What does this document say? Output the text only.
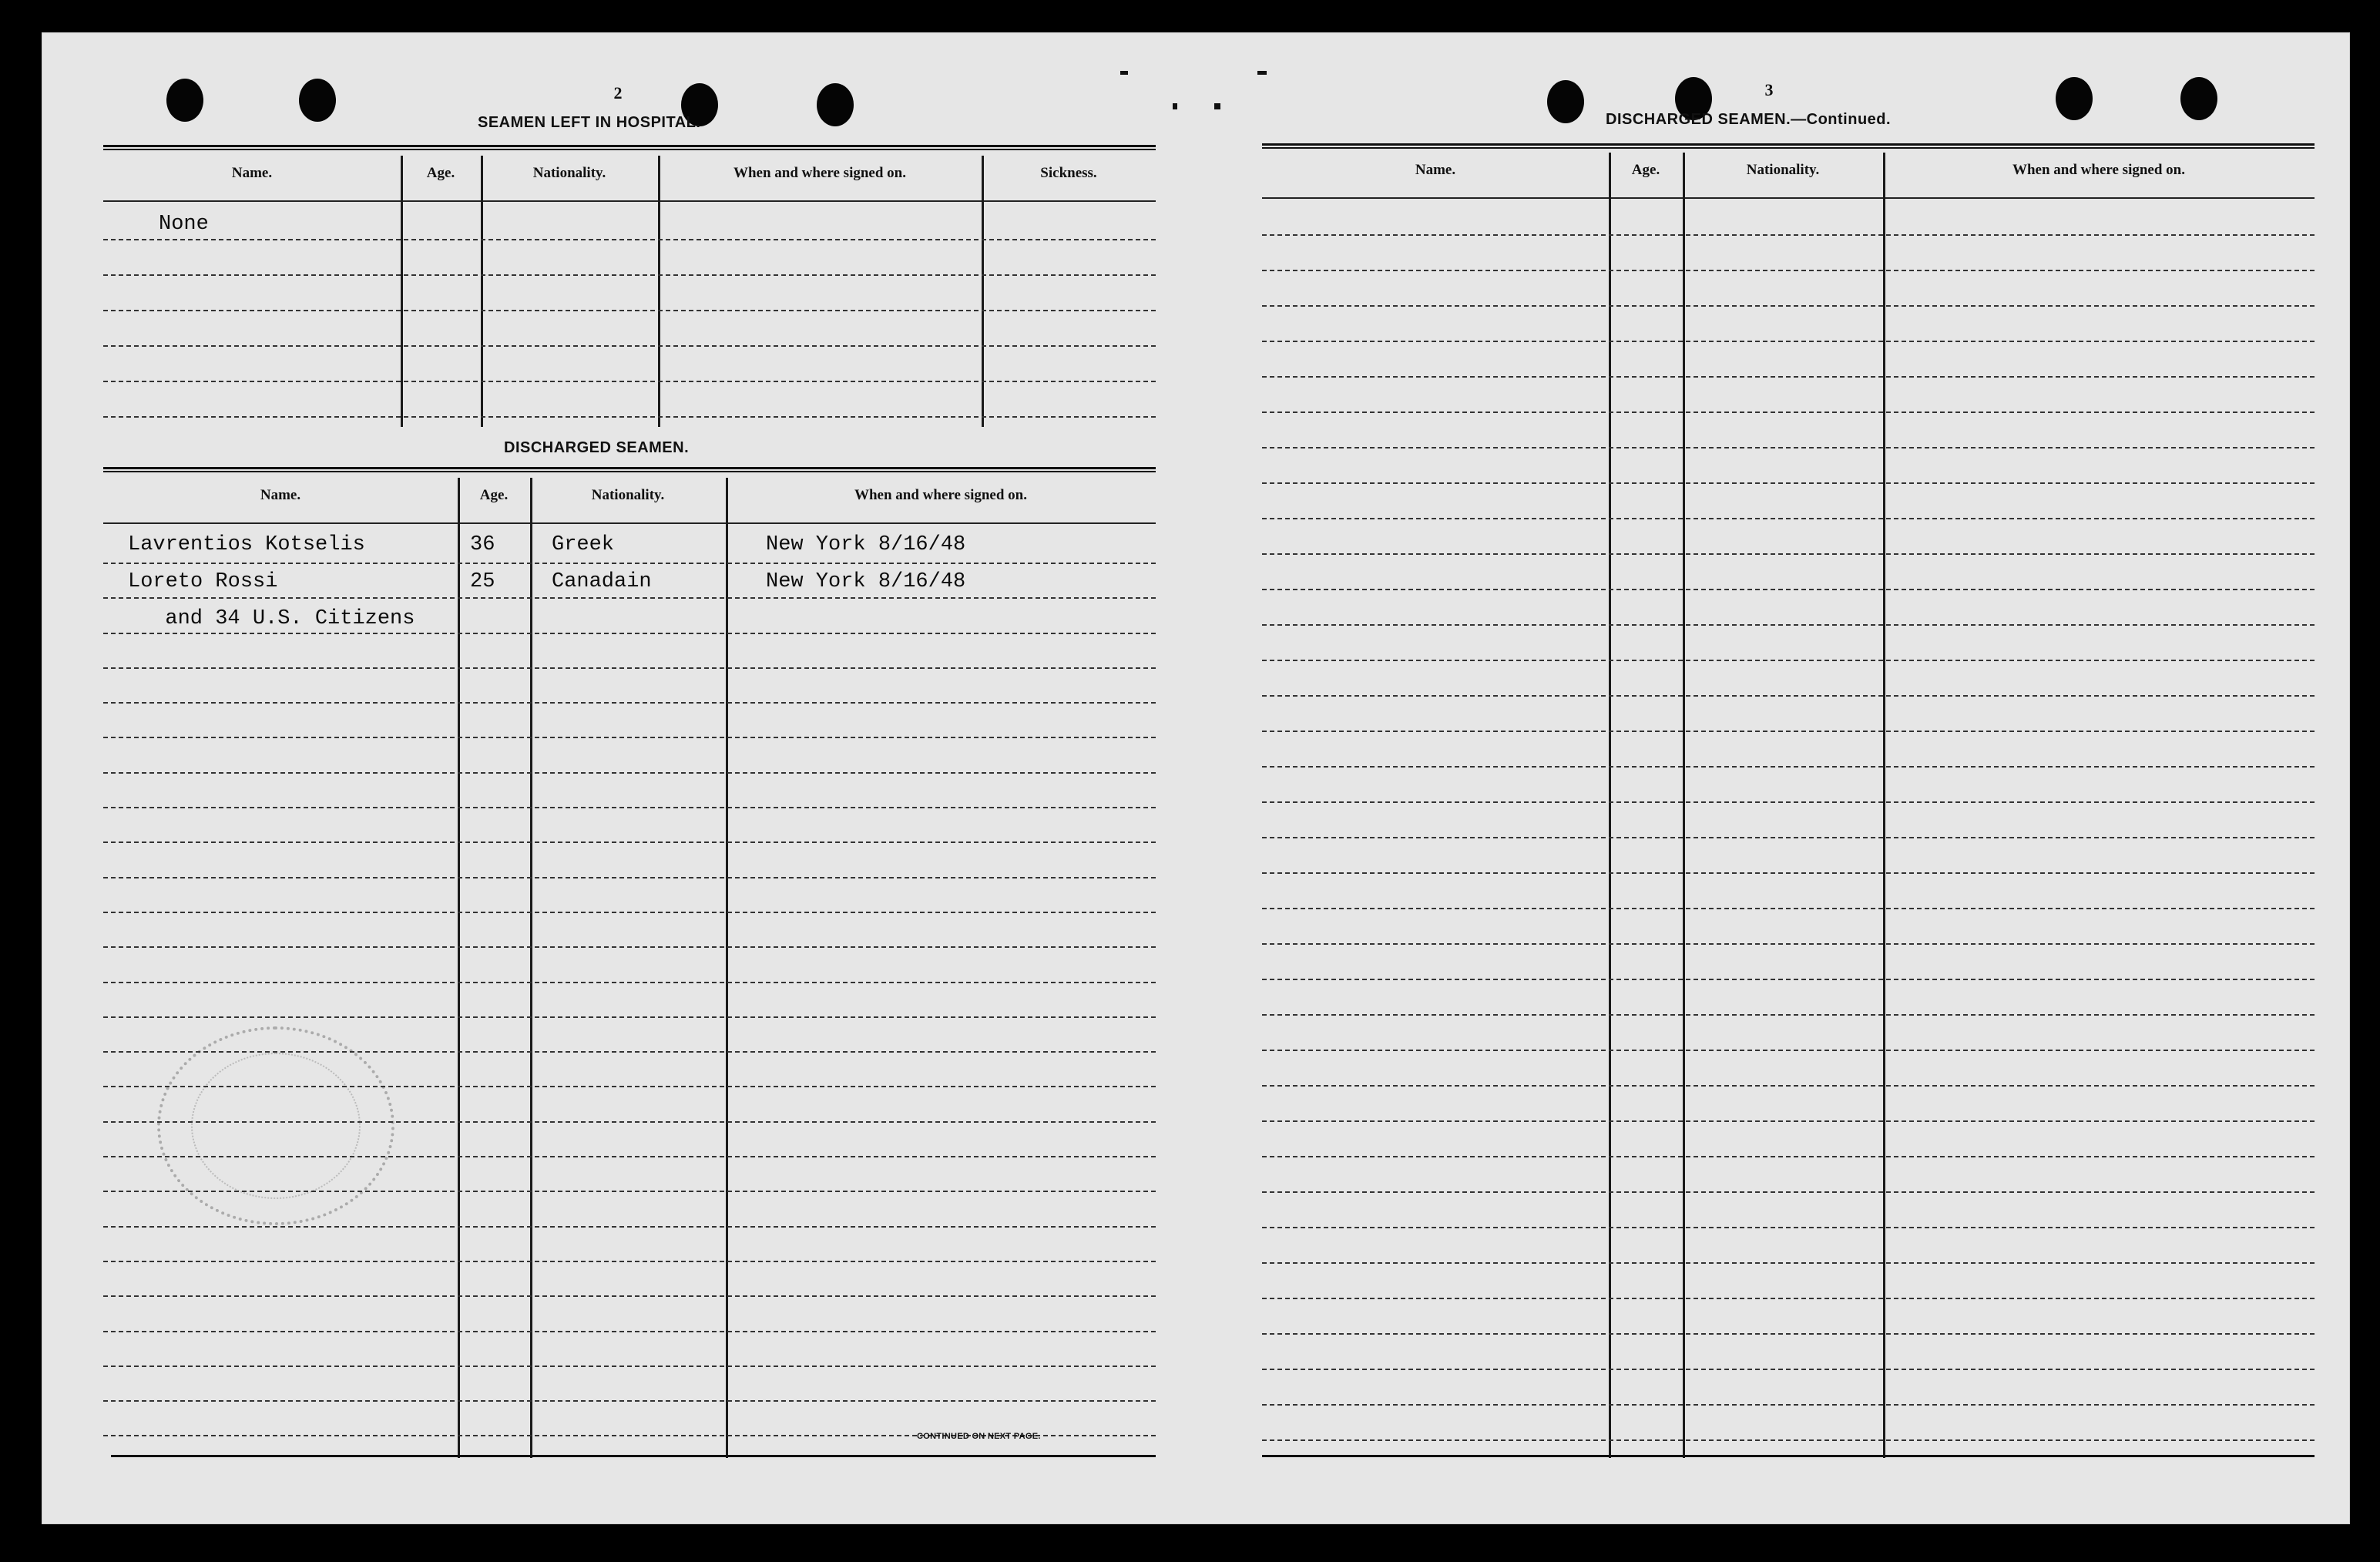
2
SEAMEN LEFT IN HOSPITAL.
Name.	Age.	Nationality.	When and where signed on.	Sickness.
None
DISCHARGED SEAMEN.
Name.	Age.	Nationality.	When and where signed on.
Lavrentios Kotselis	36	Greek	New York 8/16/48
Loreto Rossi	25	Canadain	New York 8/16/48
and 34 U.S. Citizens
CONTINUED ON NEXT PAGE.
3
DISCHARGED SEAMEN.—Continued.
Name.	Age.	Nationality.	When and where signed on.
